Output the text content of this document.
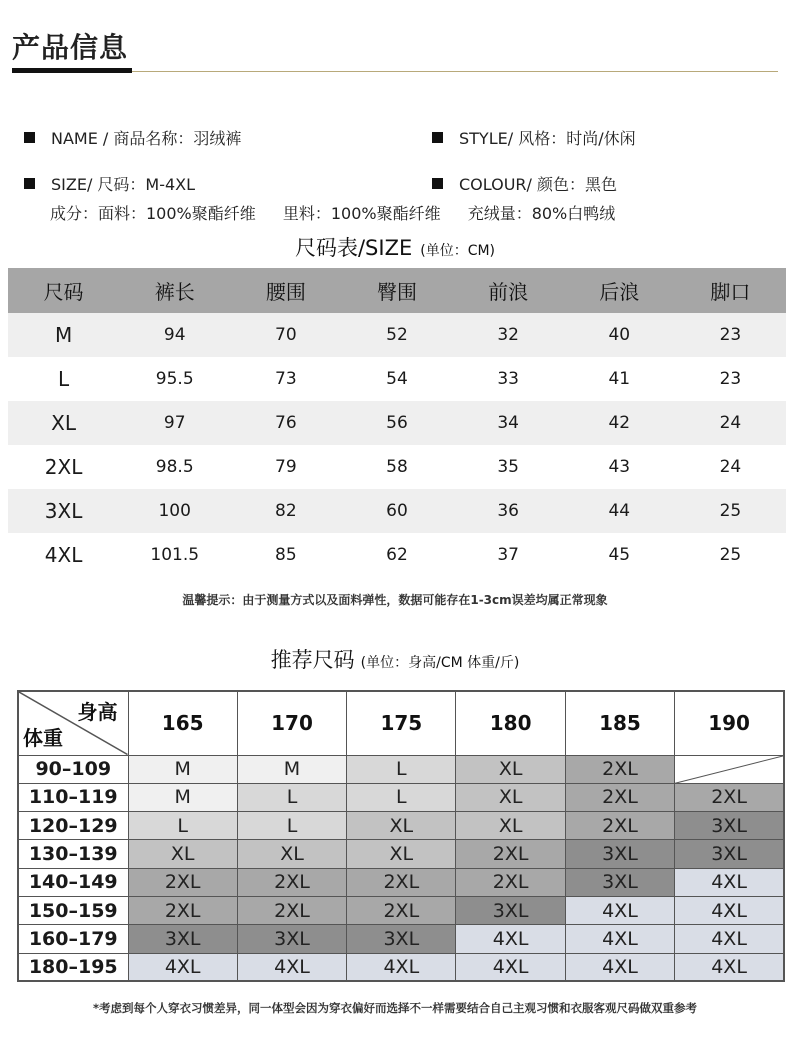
产品信息
NAME / 商品名称：羽绒裤	STYLE/ 风格：时尚/休闲
SIZE/ 尺码：M-4XL	COLOUR/ 颜色：黑色
成分：面料：100%聚酯纤维 里料：100%聚酯纤维 充绒量：80%白鸭绒
尺码表/SIZE (单位：CM)
尺码	裤长	腰围	臀围	前浪	后浪	脚口
M	94	70	52	32	40	23
L	95.5	73	54	33	41	23
XL	97	76	56	34	42	24
2XL	98.5	79	58	35	43	24
3XL	100	82	60	36	44	25
4XL	101.5	85	62	37	45	25
温馨提示：由于测量方式以及面料弹性，数据可能存在1-3cm误差均属正常现象
推荐尺码 (单位：身高/CM 体重/斤)
身高
体重	165	170	175	180	185	190
90–109	M	M	L	XL	2XL	

110–119	M	L	L	XL	2XL	2XL
120–129	L	L	XL	XL	2XL	3XL
130–139	XL	XL	XL	2XL	3XL	3XL
140–149	2XL	2XL	2XL	2XL	3XL	4XL
150–159	2XL	2XL	2XL	3XL	4XL	4XL
160–179	3XL	3XL	3XL	4XL	4XL	4XL
180–195	4XL	4XL	4XL	4XL	4XL	4XL
*考虑到每个人穿衣习惯差异，同一体型会因为穿衣偏好而选择不一样需要结合自己主观习惯和衣服客观尺码做双重参考
